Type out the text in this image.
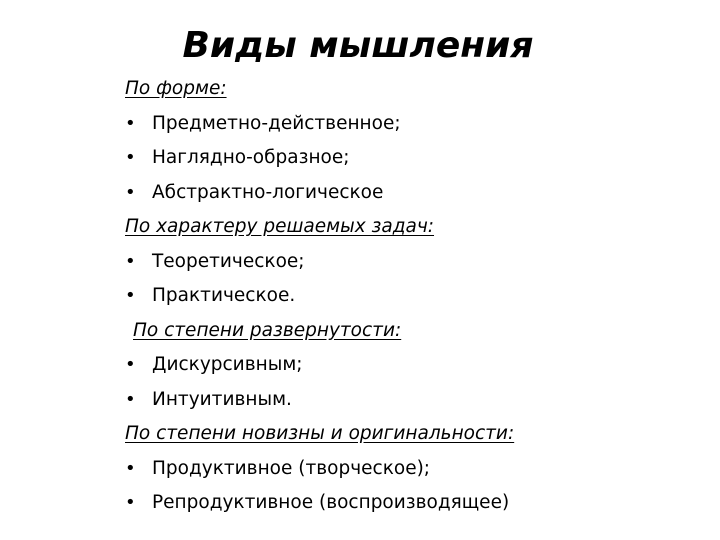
Виды мышления
По форме:
• Предметно-действенное;
• Наглядно-образное;
• Абстрактно-логическое
По характеру решаемых задач:
• Теоретическое;
• Практическое.
По степени развернутости:
• Дискурсивным;
• Интуитивным.
По степени новизны и оригинальности:
• Продуктивное (творческое);
• Репродуктивное (воспроизводящее)
